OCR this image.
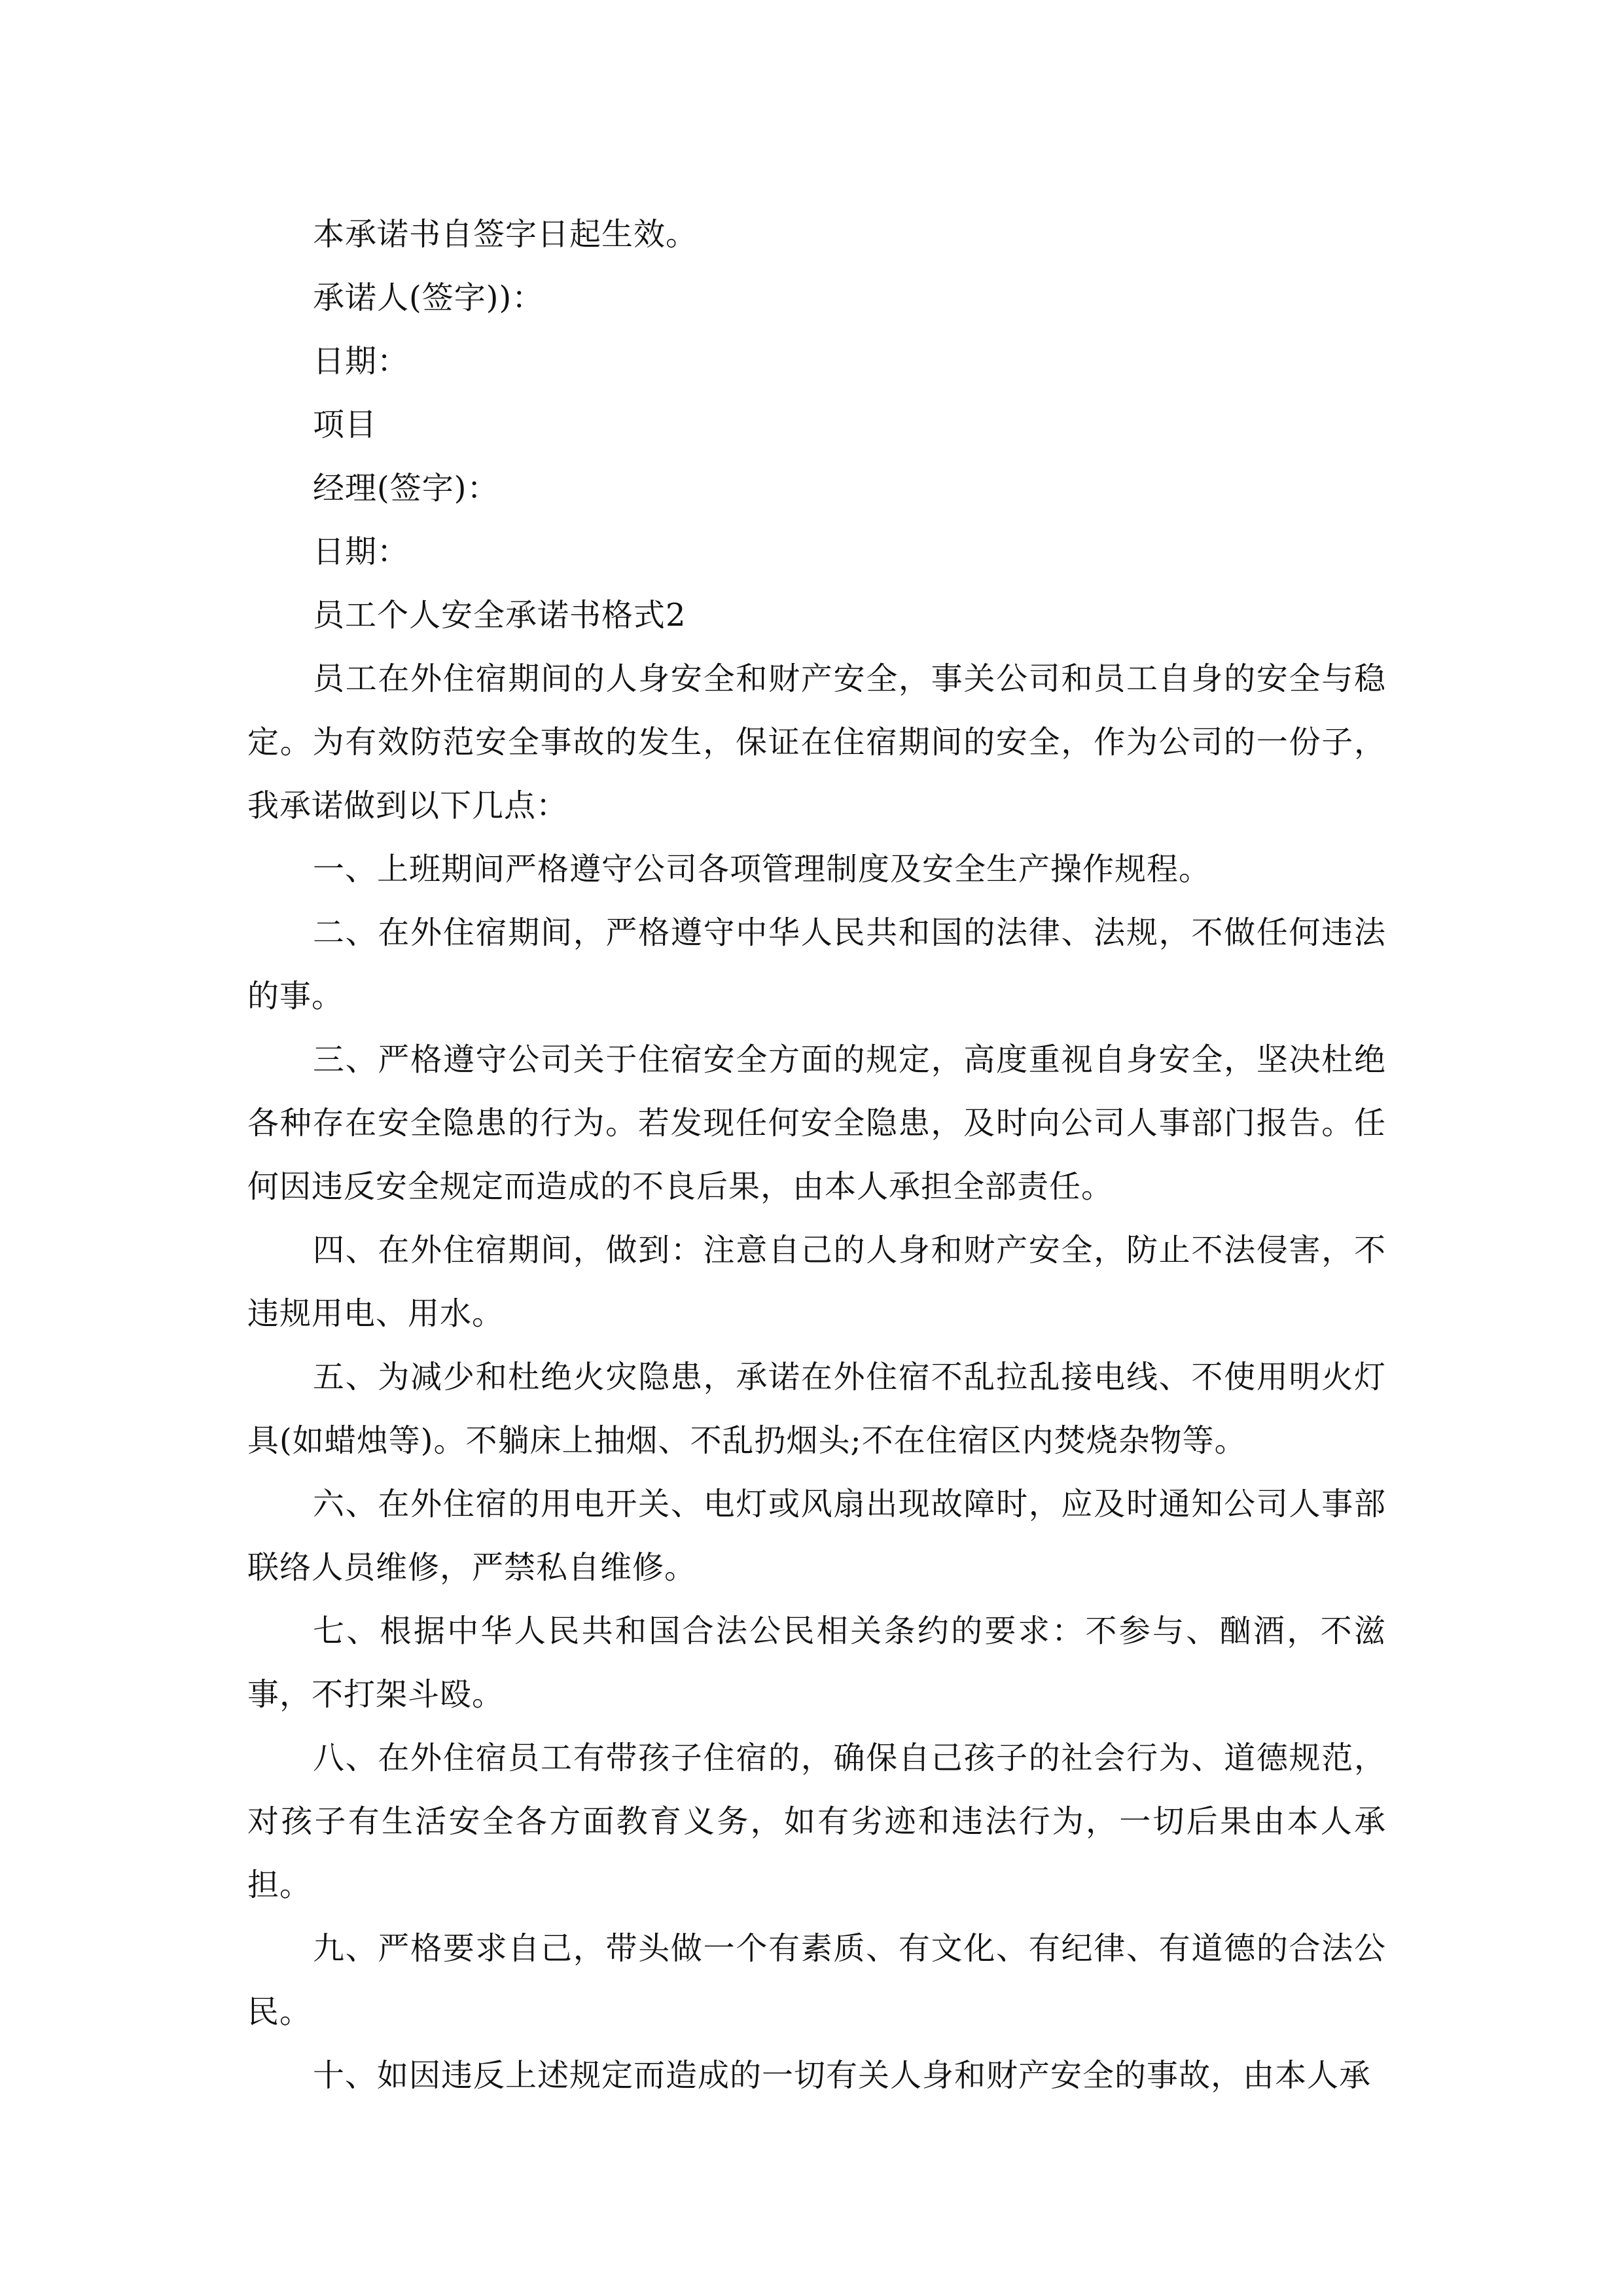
本承诺书自签字日起生效。

承诺人(签字))：

日期：

项目

经理(签字)：

日期：

员工个人安全承诺书格式2

员工在外住宿期间的人身安全和财产安全，事关公司和员工自身的安全与稳定。为有效防范安全事故的发生，保证在住宿期间的安全，作为公司的一份子，我承诺做到以下几点：

一、上班期间严格遵守公司各项管理制度及安全生产操作规程。

二、在外住宿期间，严格遵守中华人民共和国的法律、法规，不做任何违法的事。

三、严格遵守公司关于住宿安全方面的规定，高度重视自身安全，坚决杜绝各种存在安全隐患的行为。若发现任何安全隐患，及时向公司人事部门报告。任何因违反安全规定而造成的不良后果，由本人承担全部责任。

四、在外住宿期间，做到：注意自己的人身和财产安全，防止不法侵害，不违规用电、用水。

五、为减少和杜绝火灾隐患，承诺在外住宿不乱拉乱接电线、不使用明火灯具(如蜡烛等)。不躺床上抽烟、不乱扔烟头;不在住宿区内焚烧杂物等。

六、在外住宿的用电开关、电灯或风扇出现故障时，应及时通知公司人事部联络人员维修，严禁私自维修。

七、根据中华人民共和国合法公民相关条约的要求：不参与、酗酒，不滋事，不打架斗殴。

八、在外住宿员工有带孩子住宿的，确保自己孩子的社会行为、道德规范，对孩子有生活安全各方面教育义务，如有劣迹和违法行为，一切后果由本人承担。

九、严格要求自己，带头做一个有素质、有文化、有纪律、有道德的合法公民。

十、如因违反上述规定而造成的一切有关人身和财产安全的事故，由本人承
